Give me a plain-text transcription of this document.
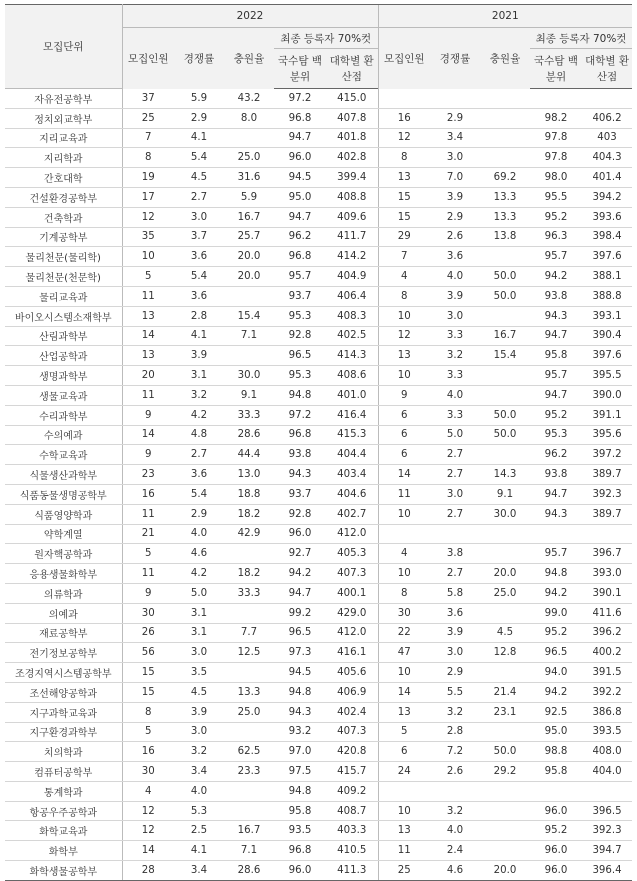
모집단위	2022					2021				
	모집인원	경쟁률	충원율	최종 등록자 70%컷		모집인원	경쟁률	충원율	최종 등록자 70%컷	
				국수탐 백분위	대학별 환산점				국수탐 백분위	대학별 환산점
자유전공학부	37	5.9	43.2	97.2	415.0					
정치외교학부	25	2.9	8.0	96.8	407.8	16	2.9		98.2	406.2
지리교육과	7	4.1		94.7	401.8	12	3.4		97.8	403
지리학과	8	5.4	25.0	96.0	402.8	8	3.0		97.8	404.3
간호대학	19	4.5	31.6	94.5	399.4	13	7.0	69.2	98.0	401.4
건설환경공학부	17	2.7	5.9	95.0	408.8	15	3.9	13.3	95.5	394.2
건축학과	12	3.0	16.7	94.7	409.6	15	2.9	13.3	95.2	393.6
기계공학부	35	3.7	25.7	96.2	411.7	29	2.6	13.8	96.3	398.4
물리천문(물리학)	10	3.6	20.0	96.8	414.2	7	3.6		95.7	397.6
물리천문(천문학)	5	5.4	20.0	95.7	404.9	4	4.0	50.0	94.2	388.1
물리교육과	11	3.6		93.7	406.4	8	3.9	50.0	93.8	388.8
바이오시스템소재학부	13	2.8	15.4	95.3	408.3	10	3.0		94.3	393.1
산림과학부	14	4.1	7.1	92.8	402.5	12	3.3	16.7	94.7	390.4
산업공학과	13	3.9		96.5	414.3	13	3.2	15.4	95.8	397.6
생명과학부	20	3.1	30.0	95.3	408.6	10	3.3		95.7	395.5
생물교육과	11	3.2	9.1	94.8	401.0	9	4.0		94.7	390.0
수리과학부	9	4.2	33.3	97.2	416.4	6	3.3	50.0	95.2	391.1
수의예과	14	4.8	28.6	96.8	415.3	6	5.0	50.0	95.3	395.6
수학교육과	9	2.7	44.4	93.8	404.4	6	2.7		96.2	397.2
식물생산과학부	23	3.6	13.0	94.3	403.4	14	2.7	14.3	93.8	389.7
식품동물생명공학부	16	5.4	18.8	93.7	404.6	11	3.0	9.1	94.7	392.3
식품영양학과	11	2.9	18.2	92.8	402.7	10	2.7	30.0	94.3	389.7
약학계열	21	4.0	42.9	96.0	412.0					
원자핵공학과	5	4.6		92.7	405.3	4	3.8		95.7	396.7
응용생물화학부	11	4.2	18.2	94.2	407.3	10	2.7	20.0	94.8	393.0
의류학과	9	5.0	33.3	94.7	400.1	8	5.8	25.0	94.2	390.1
의예과	30	3.1		99.2	429.0	30	3.6		99.0	411.6
재료공학부	26	3.1	7.7	96.5	412.0	22	3.9	4.5	95.2	396.2
전기정보공학부	56	3.0	12.5	97.3	416.1	47	3.0	12.8	96.5	400.2
조경지역시스템공학부	15	3.5		94.5	405.6	10	2.9		94.0	391.5
조선해양공학과	15	4.5	13.3	94.8	406.9	14	5.5	21.4	94.2	392.2
지구과학교육과	8	3.9	25.0	94.3	402.4	13	3.2	23.1	92.5	386.8
지구환경과학부	5	3.0		93.2	407.3	5	2.8		95.0	393.5
치의학과	16	3.2	62.5	97.0	420.8	6	7.2	50.0	98.8	408.0
컴퓨터공학부	30	3.4	23.3	97.5	415.7	24	2.6	29.2	95.8	404.0
통계학과	4	4.0		94.8	409.2					
항공우주공학과	12	5.3		95.8	408.7	10	3.2		96.0	396.5
화학교육과	12	2.5	16.7	93.5	403.3	13	4.0		95.2	392.3
화학부	14	4.1	7.1	96.8	410.5	11	2.4		96.0	394.7
화학생물공학부	28	3.4	28.6	96.0	411.3	25	4.6	20.0	96.0	396.4
